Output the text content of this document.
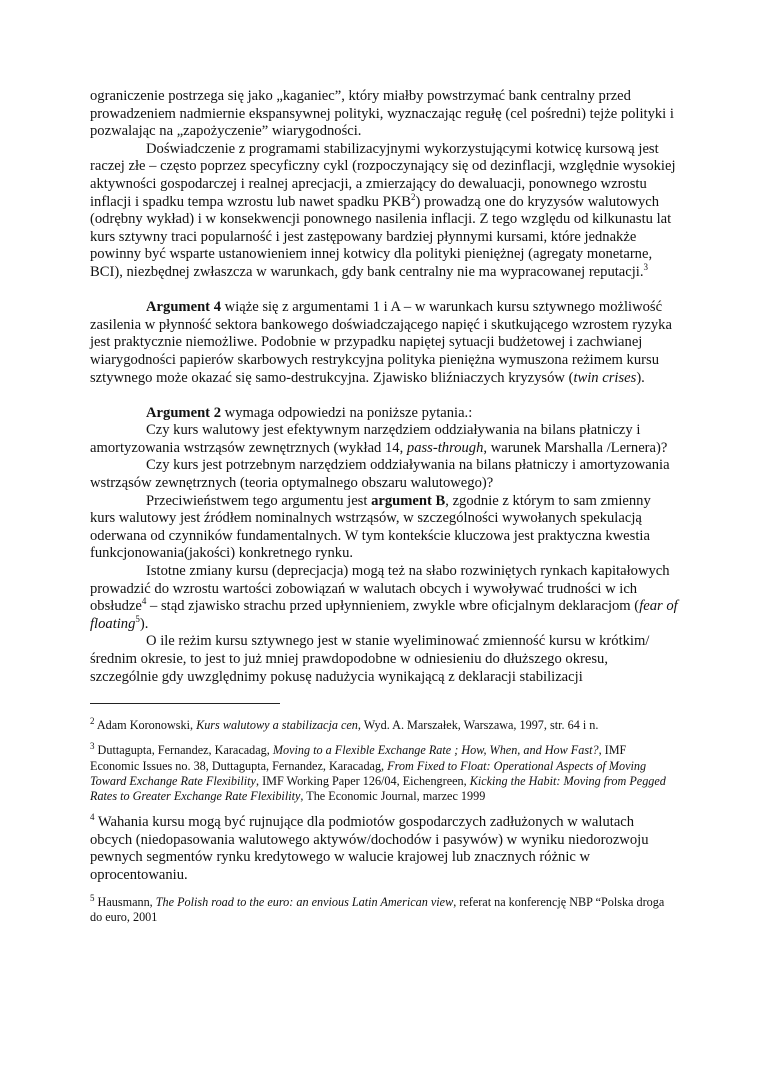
ograniczenie postrzega się jako „kaganiec”, który miałby powstrzymać bank centralny przed prowadzeniem nadmiernie ekspansywnej polityki, wyznaczając regułę (cel pośredni) tejże polityki i pozwalając na „zapożyczenie” wiarygodności.

Doświadczenie z programami stabilizacyjnymi wykorzystującymi kotwicę kursową jest raczej złe – często poprzez specyficzny cykl (rozpoczynający się od dezinflacji, względnie wysokiej aktywności gospodarczej i realnej aprecjacji, a zmierzający do dewaluacji, ponownego wzrostu inflacji i spadku tempa wzrostu lub nawet spadku PKB$^2$) prowadzą one do kryzysów walutowych (odrębny wykład) i w konsekwencji ponownego nasilenia inflacji. Z tego względu od kilkunastu lat kurs sztywny traci popularność i jest zastępowany bardziej płynnymi kursami, które jednakże powinny być wsparte ustanowieniem innej kotwicy dla polityki pieniężnej (agregaty monetarne, BCI), niezbędnej zwłaszcza w warunkach, gdy bank centralny nie ma wypracowanej reputacji.$^3$

Argument 4 wiąże się z argumentami 1 i A – w warunkach kursu sztywnego możliwość zasilenia w płynność sektora bankowego doświadczającego napięć i skutkującego wzrostem ryzyka jest praktycznie niemożliwe. Podobnie w przypadku napiętej sytuacji budżetowej i zachwianej wiarygodności papierów skarbowych restrykcyjna polityka pieniężna wymuszona reżimem kursu sztywnego może okazać się samo-destrukcyjna. Zjawisko bliźniaczych kryzysów (twin crises).

Argument 2 wymaga odpowiedzi na poniższe pytania.:

Czy kurs walutowy jest efektywnym narzędziem oddziaływania na bilans płatniczy i amortyzowania wstrząsów zewnętrznych (wykład 14, pass-through, warunek Marshalla /Lernera)?

Czy kurs jest potrzebnym narzędziem oddziaływania na bilans płatniczy i amortyzowania wstrząsów zewnętrznych (teoria optymalnego obszaru walutowego)?

Przeciwieństwem tego argumentu jest argument B, zgodnie z którym to sam zmienny kurs walutowy jest źródłem nominalnych wstrząsów, w szczególności wywołanych spekulacją oderwana od czynników fundamentalnych. W tym kontekście kluczowa jest praktyczna kwestia funkcjonowania(jakości) konkretnego rynku.

Istotne zmiany kursu (deprecjacja) mogą też na słabo rozwiniętych rynkach kapitałowych prowadzić do wzrostu wartości zobowiązań w walutach obcych i wywoływać trudności w ich obsłudze$^4$ – stąd zjawisko strachu przed upłynnieniem, zwykle wbre oficjalnym deklaracjom (fear of floating$^5$).

O ile reżim kursu sztywnego jest w stanie wyeliminować zmienność kursu w krótkim/średnim okresie, to jest to już mniej prawdopodobne w odniesieniu do dłuższego okresu, szczególnie gdy uwzględnimy pokusę nadużycia wynikającą z deklaracji stabilizacji

$^2$ Adam Koronowski, Kurs walutowy a stabilizacja cen, Wyd. A. Marszałek, Warszawa, 1997, str. 64 i n.

$^3$ Duttagupta, Fernandez, Karacadag, Moving to a Flexible Exchange Rate ; How, When, and How Fast?, IMF Economic Issues no. 38, Duttagupta, Fernandez, Karacadag, From Fixed to Float: Operational Aspects of Moving Toward Exchange Rate Flexibility, IMF Working Paper 126/04, Eichengreen, Kicking the Habit: Moving from Pegged Rates to Greater Exchange Rate Flexibility, The Economic Journal, marzec 1999

$^4$ Wahania kursu mogą być rujnujące dla podmiotów gospodarczych zadłużonych w walutach obcych (niedopasowania walutowego aktywów/dochodów i pasywów) w wyniku niedorozwoju pewnych segmentów rynku kredytowego w walucie krajowej lub znacznych różnic w oprocentowaniu.

$^5$ Hausmann, The Polish road to the euro: an envious Latin American view, referat na konferencję NBP “Polska droga do euro, 2001
